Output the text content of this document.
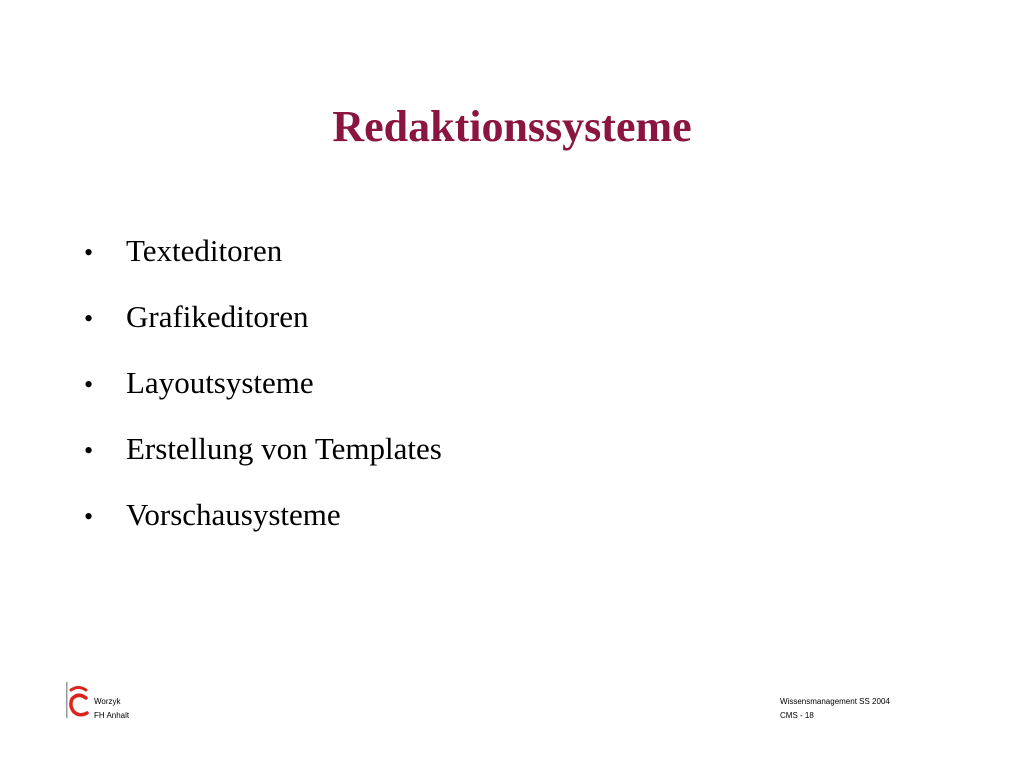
Redaktionssysteme
•	Texteditoren
•	Grafikeditoren
•	Layoutsysteme
•	Erstellung von Templates
•	Vorschausysteme
Worzyk
FH Anhalt
Wissensmanagement SS 2004
CMS - 18
